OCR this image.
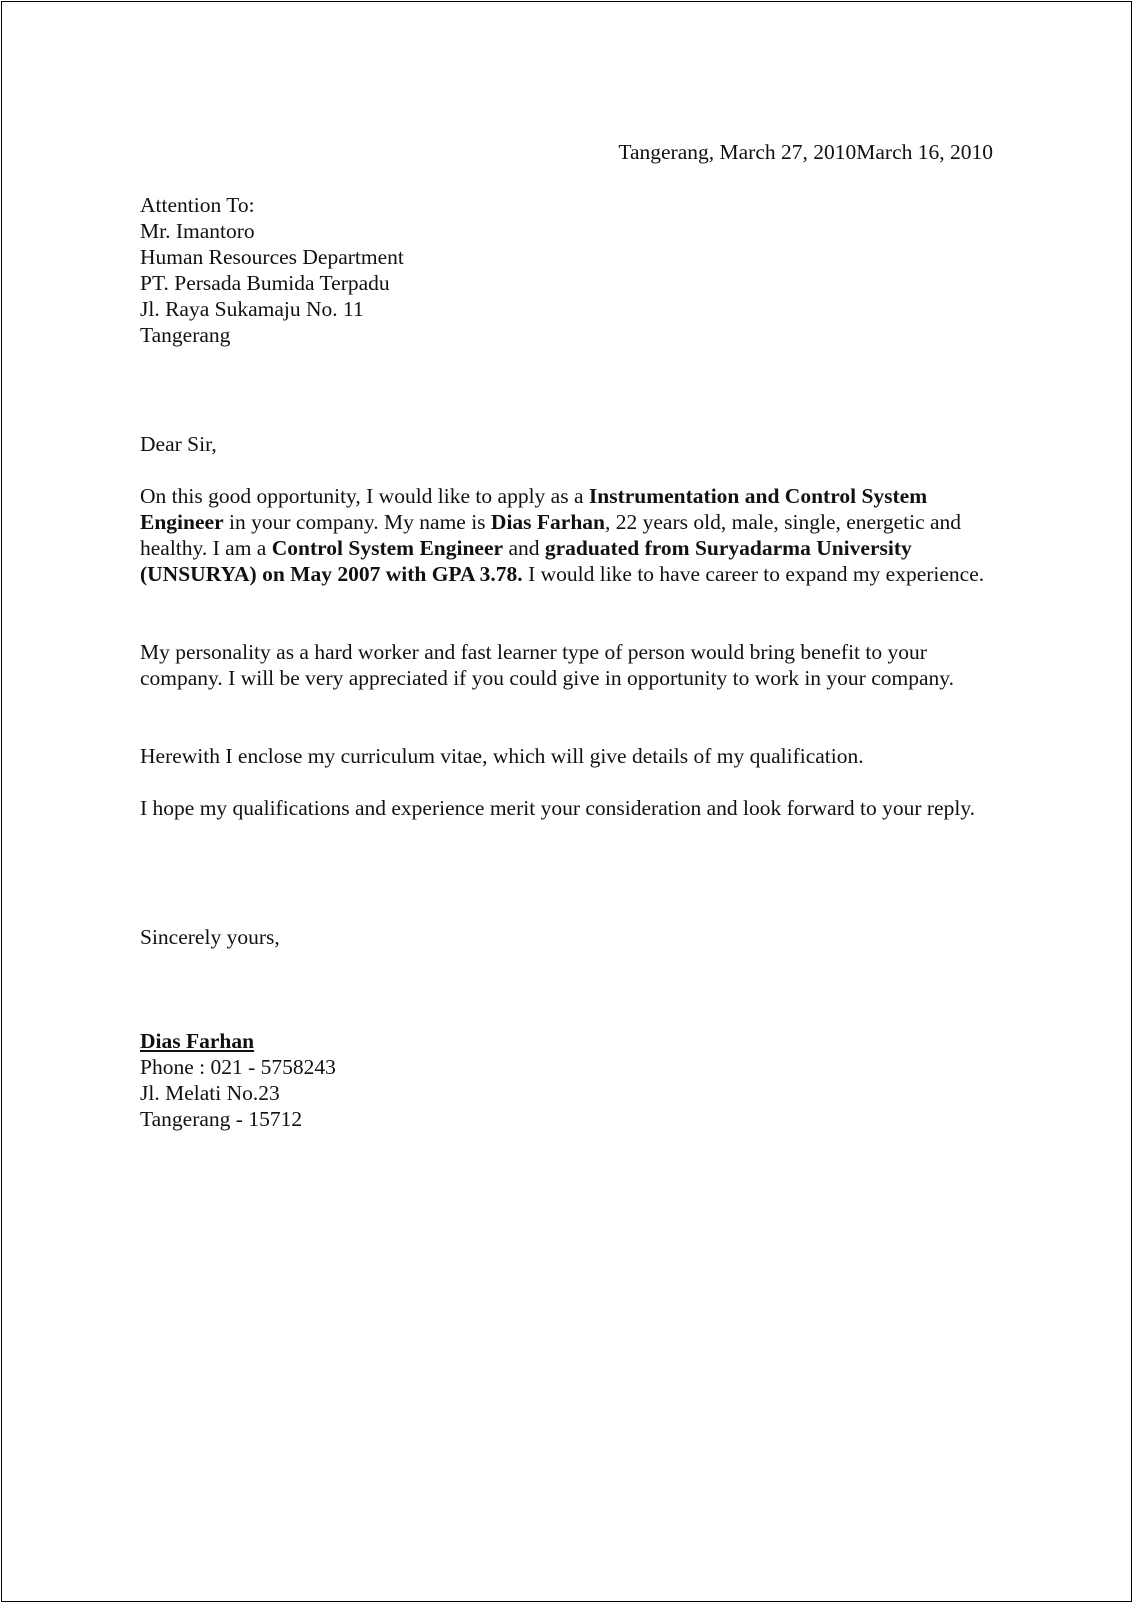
Tangerang, March 27, 2010March 16, 2010
Attention To:
Mr. Imantoro
Human Resources Department
PT. Persada Bumida Terpadu
Jl. Raya Sukamaju No. 11
Tangerang
Dear Sir,
On this good opportunity, I would like to apply as a Instrumentation and Control System Engineer in your company. My name is Dias Farhan, 22 years old, male, single, energetic and healthy. I am a Control System Engineer and graduated from Suryadarma University (UNSURYA) on May 2007 with GPA 3.78. I would like to have career to expand my experience.
My personality as a hard worker and fast learner type of person would bring benefit to your company. I will be very appreciated if you could give in opportunity to work in your company.
Herewith I enclose my curriculum vitae, which will give details of my qualification.
I hope my qualifications and experience merit your consideration and look forward to your reply.
Sincerely yours,
Dias Farhan
Phone : 021 - 5758243
Jl. Melati No.23
Tangerang - 15712
